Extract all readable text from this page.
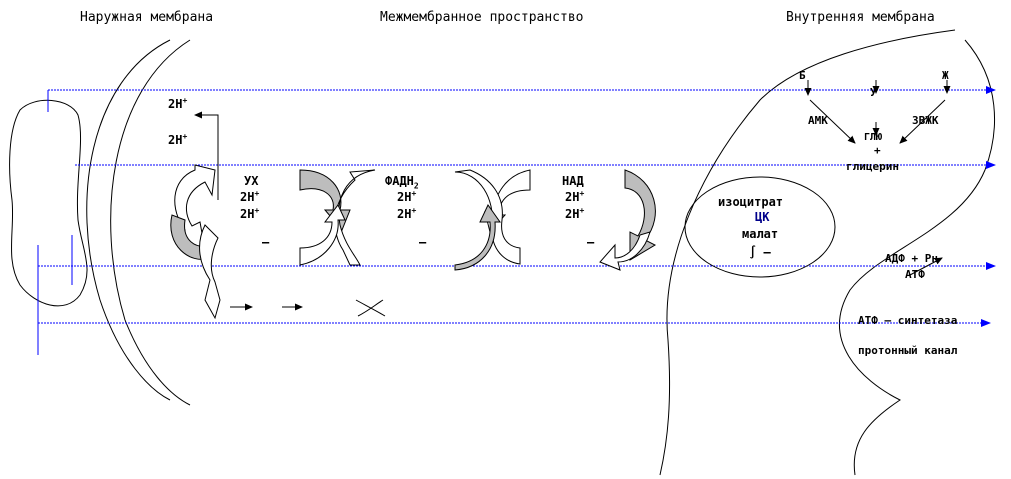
Наружная мембрана	Межмембранное пространство	Внутренняя мембрана
2Н+
2Н+
УХ
2Н+
2Н+
–
$ФАДН_2$
2Н+
2Н+
–
НАД
2Н+
2Н+
–
Б
У
Ж
АМК
ГЛЮ
+
ЗВЖК
глицерин
изоцитрат
ЦК
малат
∫ –	АДФ + Рн
АТФ
АТФ – синтетаза
протонный канал
